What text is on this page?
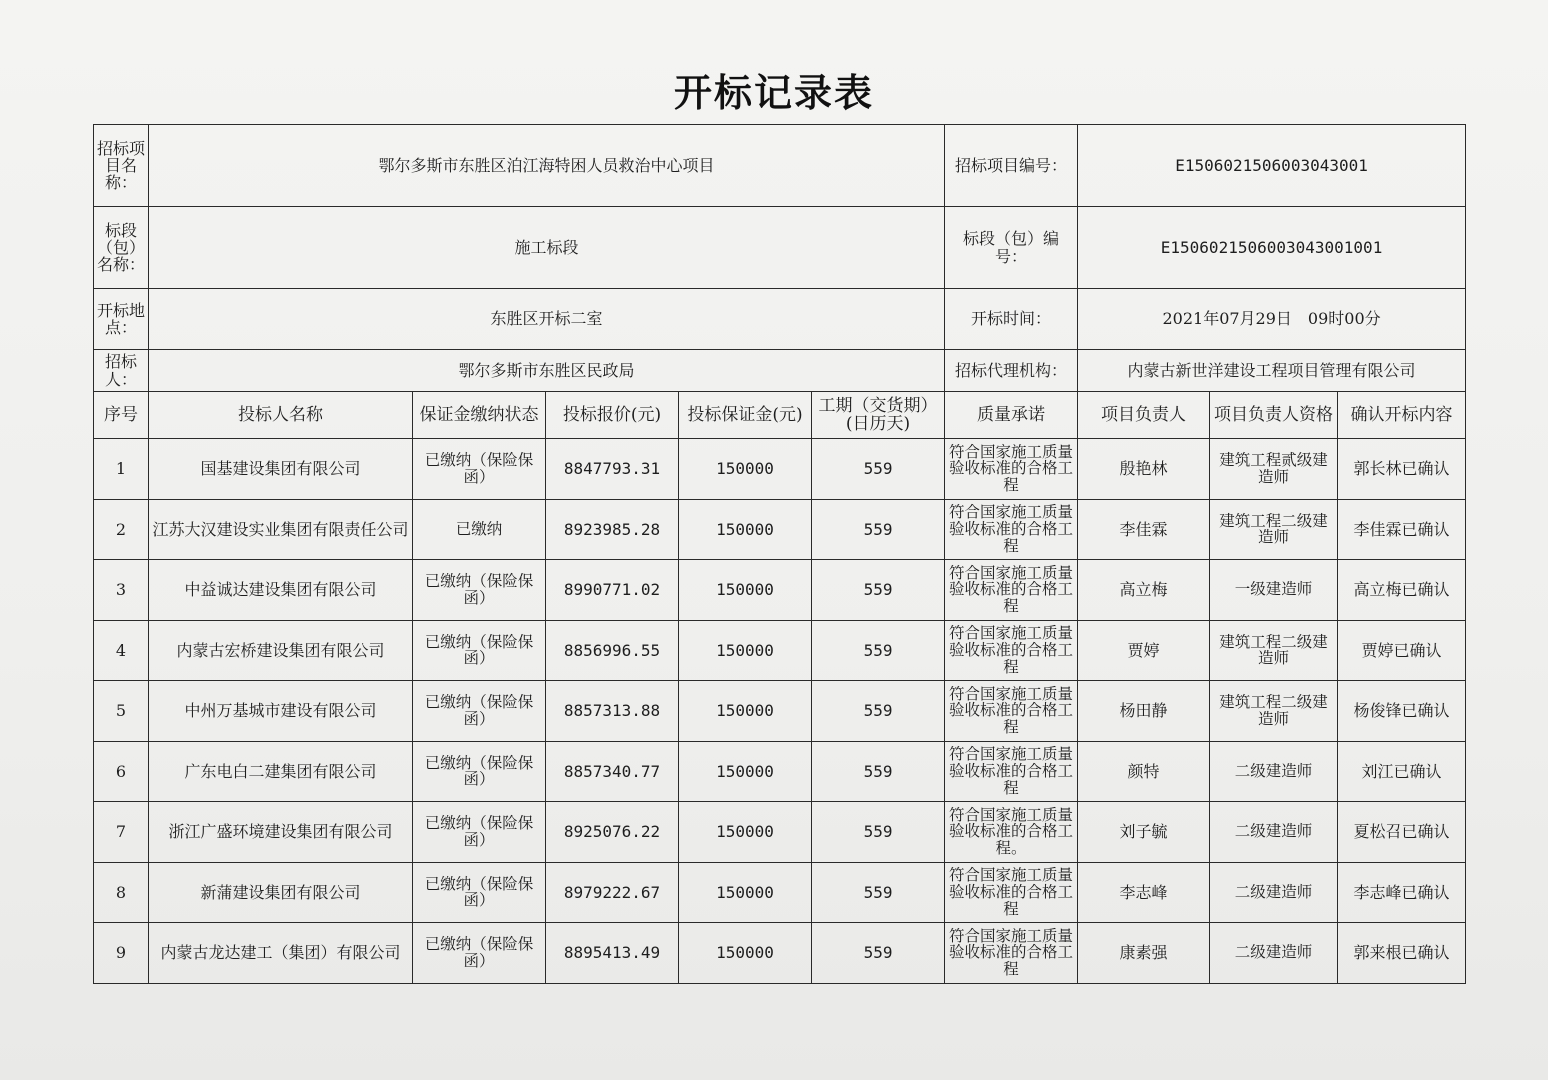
开标记录表
招标项目名称：	鄂尔多斯市东胜区泊江海特困人员救治中心项目					招标项目编号：	E1506021506003043001		
标段（包）名称：	施工标段					标段（包）编号：	E1506021506003043001001		
开标地点：	东胜区开标二室					开标时间：	2021年07月29日　09时00分		
招标人：	鄂尔多斯市东胜区民政局					招标代理机构：	内蒙古新世洋建设工程项目管理有限公司		
序号	投标人名称	保证金缴纳状态	投标报价(元)	投标保证金(元)	工期（交货期）(日历天)	质量承诺	项目负责人	项目负责人资格	确认开标内容
1	国基建设集团有限公司	已缴纳（保险保函）	8847793.31	150000	559	符合国家施工质量验收标准的合格工程	殷艳林	建筑工程贰级建造师	郭长林已确认
2	江苏大汉建设实业集团有限责任公司	已缴纳	8923985.28	150000	559	符合国家施工质量验收标准的合格工程	李佳霖	建筑工程二级建造师	李佳霖已确认
3	中益诚达建设集团有限公司	已缴纳（保险保函）	8990771.02	150000	559	符合国家施工质量验收标准的合格工程	高立梅	一级建造师	高立梅已确认
4	内蒙古宏桥建设集团有限公司	已缴纳（保险保函）	8856996.55	150000	559	符合国家施工质量验收标准的合格工程	贾婷	建筑工程二级建造师	贾婷已确认
5	中州万基城市建设有限公司	已缴纳（保险保函）	8857313.88	150000	559	符合国家施工质量验收标准的合格工程	杨田静	建筑工程二级建造师	杨俊锋已确认
6	广东电白二建集团有限公司	已缴纳（保险保函）	8857340.77	150000	559	符合国家施工质量验收标准的合格工程	颜特	二级建造师	刘江已确认
7	浙江广盛环境建设集团有限公司	已缴纳（保险保函）	8925076.22	150000	559	符合国家施工质量验收标准的合格工程。	刘子毓	二级建造师	夏松召已确认
8	新蒲建设集团有限公司	已缴纳（保险保函）	8979222.67	150000	559	符合国家施工质量验收标准的合格工程	李志峰	二级建造师	李志峰已确认
9	内蒙古龙达建工（集团）有限公司	已缴纳（保险保函）	8895413.49	150000	559	符合国家施工质量验收标准的合格工程	康素强	二级建造师	郭来根已确认
